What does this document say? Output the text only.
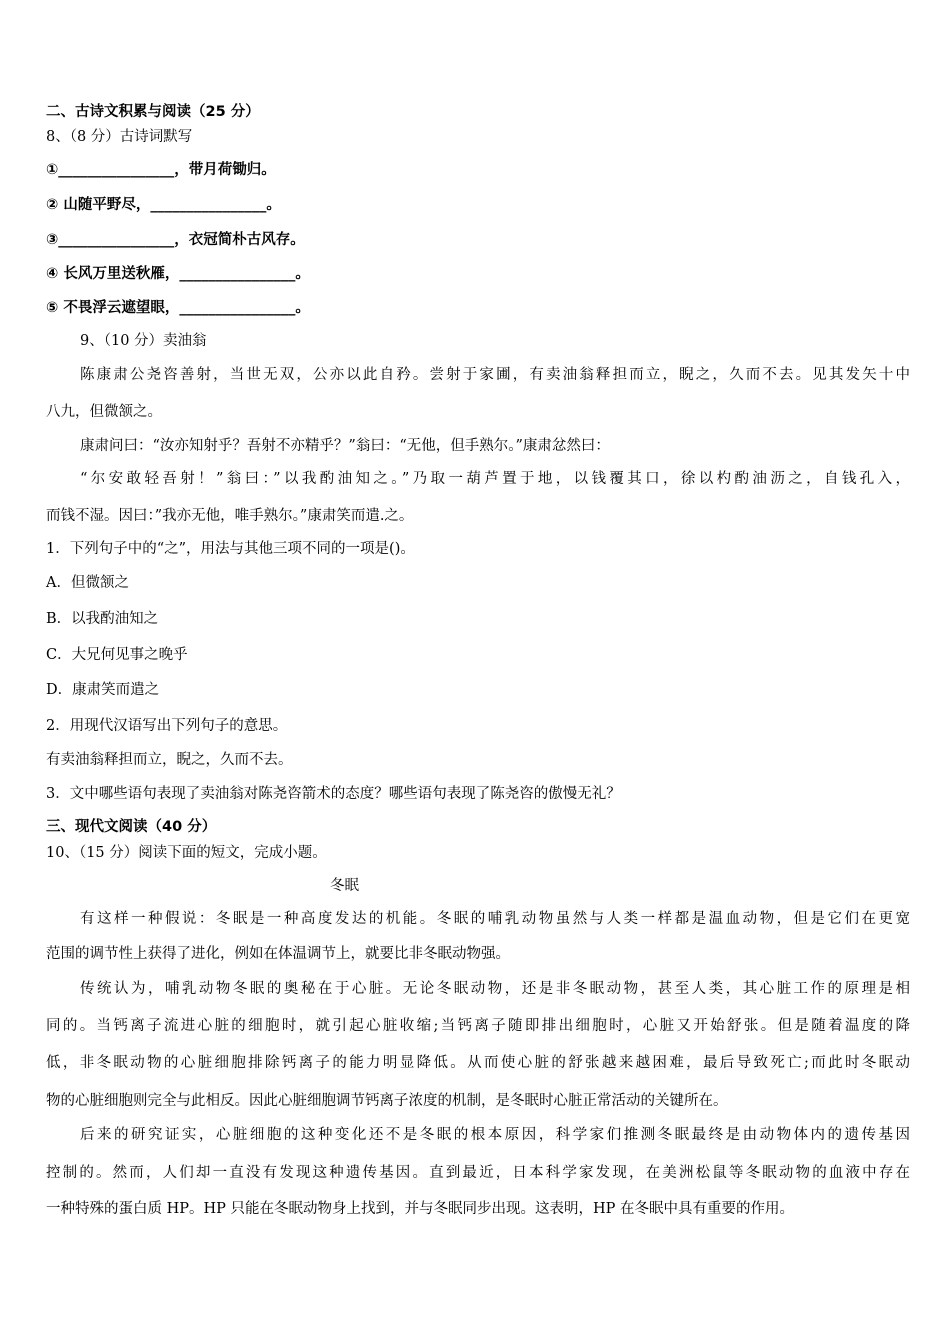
二、古诗文积累与阅读（25 分）
8、（8 分）古诗词默写
①________________，带月荷锄归。
② 山随平野尽，________________。
③________________，衣冠简朴古风存。
④ 长风万里送秋雁，________________。
⑤ 不畏浮云遮望眼，________________。
9、（10 分）卖油翁
陈康肃公尧咨善射，当世无双，公亦以此自矜。尝射于家圃，有卖油翁释担而立，睨之，久而不去。见其发矢十中
八九，但微颔之。
康肃问曰：“汝亦知射乎？吾射不亦精乎？”翁曰：“无他，但手熟尔。”康肃忿然曰：
“尔安敢轻吾射！”翁曰：”以我酌油知之。”乃取一葫芦置于地，以钱覆其口，徐以杓酌油沥之，自钱孔入，
而钱不湿。因曰：”我亦无他，唯手熟尔。”康肃笑而遣.之。
1．下列句子中的“之”，用法与其他三项不同的一项是()。
A．但微颔之
B．以我酌油知之
C．大兄何见事之晚乎
D．康肃笑而遣之
2．用现代汉语写出下列句子的意思。
有卖油翁释担而立，睨之，久而不去。
3．文中哪些语句表现了卖油翁对陈尧咨箭术的态度？哪些语句表现了陈尧咨的傲慢无礼？
三、现代文阅读（40 分）
10、（15 分）阅读下面的短文，完成小题。
冬眠
有这样一种假说：冬眠是一种高度发达的机能。冬眠的哺乳动物虽然与人类一样都是温血动物，但是它们在更宽
范围的调节性上获得了进化，例如在体温调节上，就要比非冬眠动物强。
传统认为，哺乳动物冬眠的奥秘在于心脏。无论冬眠动物，还是非冬眠动物，甚至人类，其心脏工作的原理是相
同的。当钙离子流进心脏的细胞时，就引起心脏收缩;当钙离子随即排出细胞时，心脏又开始舒张。但是随着温度的降
低，非冬眠动物的心脏细胞排除钙离子的能力明显降低。从而使心脏的舒张越来越困难，最后导致死亡;而此时冬眠动
物的心脏细胞则完全与此相反。因此心脏细胞调节钙离子浓度的机制，是冬眠时心脏正常活动的关键所在。
后来的研究证实，心脏细胞的这种变化还不是冬眠的根本原因，科学家们推测冬眠最终是由动物体内的遗传基因
控制的。然而，人们却一直没有发现这种遗传基因。直到最近，日本科学家发现，在美洲松鼠等冬眠动物的血液中存在
一种特殊的蛋白质 HP。HP 只能在冬眠动物身上找到，并与冬眠同步出现。这表明，HP 在冬眠中具有重要的作用。
